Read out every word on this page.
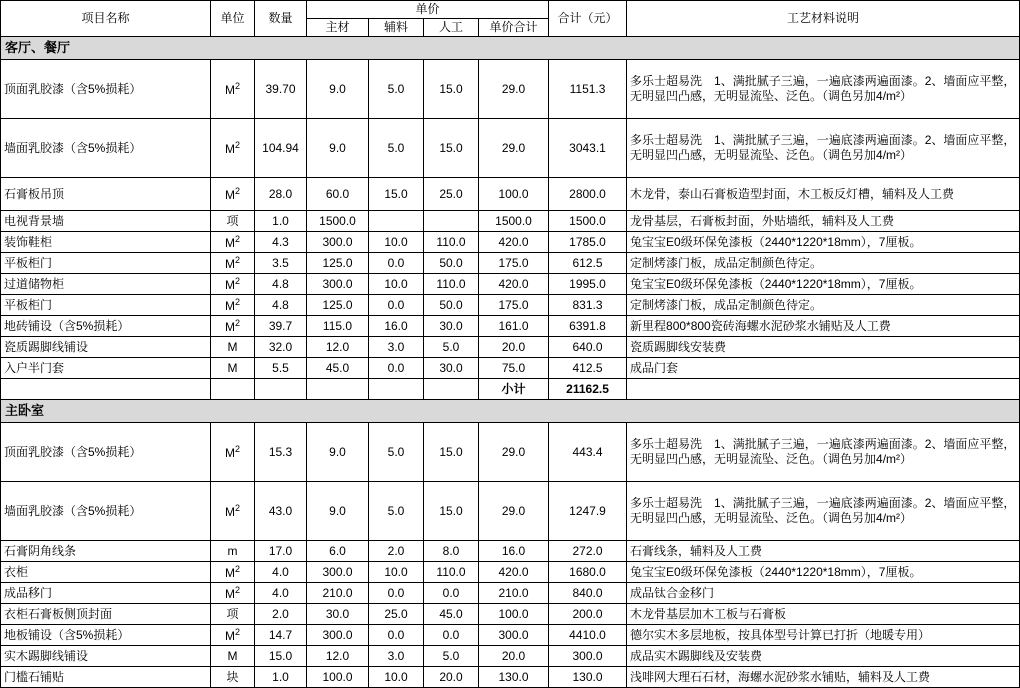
项目名称	单位	数量	单价				合计（元）	工艺材料说明
			主材	辅料	人工	单价合计		
客厅、餐厅								
顶面乳胶漆（含5%损耗）	$M^2$	39.70	9.0	5.0	15.0	29.0	1151.3	多乐士超易洗　1、满批腻子三遍，一遍底漆两遍面漆。2、墙面应平整，无明显凹凸感，无明显流坠、泛色。（调色另加4/m²）
墙面乳胶漆（含5%损耗）	$M^2$	104.94	9.0	5.0	15.0	29.0	3043.1	多乐士超易洗　1、满批腻子三遍，一遍底漆两遍面漆。2、墙面应平整，无明显凹凸感，无明显流坠、泛色。（调色另加4/m²）
石膏板吊顶	$M^2$	28.0	60.0	15.0	25.0	100.0	2800.0	木龙骨，泰山石膏板造型封面，木工板反灯槽，辅料及人工费
电视背景墙	项	1.0	1500.0			1500.0	1500.0	龙骨基层，石膏板封面，外贴墙纸，辅料及人工费
装饰鞋柜	$M^2$	4.3	300.0	10.0	110.0	420.0	1785.0	兔宝宝E0级环保免漆板（2440*1220*18mm），7厘板。
平板柜门	$M^2$	3.5	125.0	0.0	50.0	175.0	612.5	定制烤漆门板，成品定制颜色待定。
过道储物柜	$M^2$	4.8	300.0	10.0	110.0	420.0	1995.0	兔宝宝E0级环保免漆板（2440*1220*18mm），7厘板。
平板柜门	$M^2$	4.8	125.0	0.0	50.0	175.0	831.3	定制烤漆门板，成品定制颜色待定。
地砖铺设（含5%损耗）	$M^2$	39.7	115.0	16.0	30.0	161.0	6391.8	新里程800*800瓷砖海螺水泥砂浆水铺贴及人工费
瓷质踢脚线铺设	M	32.0	12.0	3.0	5.0	20.0	640.0	瓷质踢脚线安装费
入户半门套	M	5.5	45.0	0.0	30.0	75.0	412.5	成品门套
						小计	21162.5	
主卧室								
顶面乳胶漆（含5%损耗）	$M^2$	15.3	9.0	5.0	15.0	29.0	443.4	多乐士超易洗　1、满批腻子三遍，一遍底漆两遍面漆。2、墙面应平整，无明显凹凸感，无明显流坠、泛色。（调色另加4/m²）
墙面乳胶漆（含5%损耗）	$M^2$	43.0	9.0	5.0	15.0	29.0	1247.9	多乐士超易洗　1、满批腻子三遍，一遍底漆两遍面漆。2、墙面应平整，无明显凹凸感，无明显流坠、泛色。（调色另加4/m²）
石膏阴角线条	m	17.0	6.0	2.0	8.0	16.0	272.0	石膏线条，辅料及人工费
衣柜	$M^2$	4.0	300.0	10.0	110.0	420.0	1680.0	兔宝宝E0级环保免漆板（2440*1220*18mm），7厘板。
成品移门	$M^2$	4.0	210.0	0.0	0.0	210.0	840.0	成品钛合金移门
衣柜石膏板侧顶封面	项	2.0	30.0	25.0	45.0	100.0	200.0	木龙骨基层加木工板与石膏板
地板铺设（含5%损耗）	$M^2$	14.7	300.0	0.0	0.0	300.0	4410.0	德尔实木多层地板，按具体型号计算已打折（地暖专用）
实木踢脚线铺设	M	15.0	12.0	3.0	5.0	20.0	300.0	成品实木踢脚线及安装费
门槛石铺贴	块	1.0	100.0	10.0	20.0	130.0	130.0	浅啡网大理石石材，海螺水泥砂浆水铺贴，辅料及人工费
